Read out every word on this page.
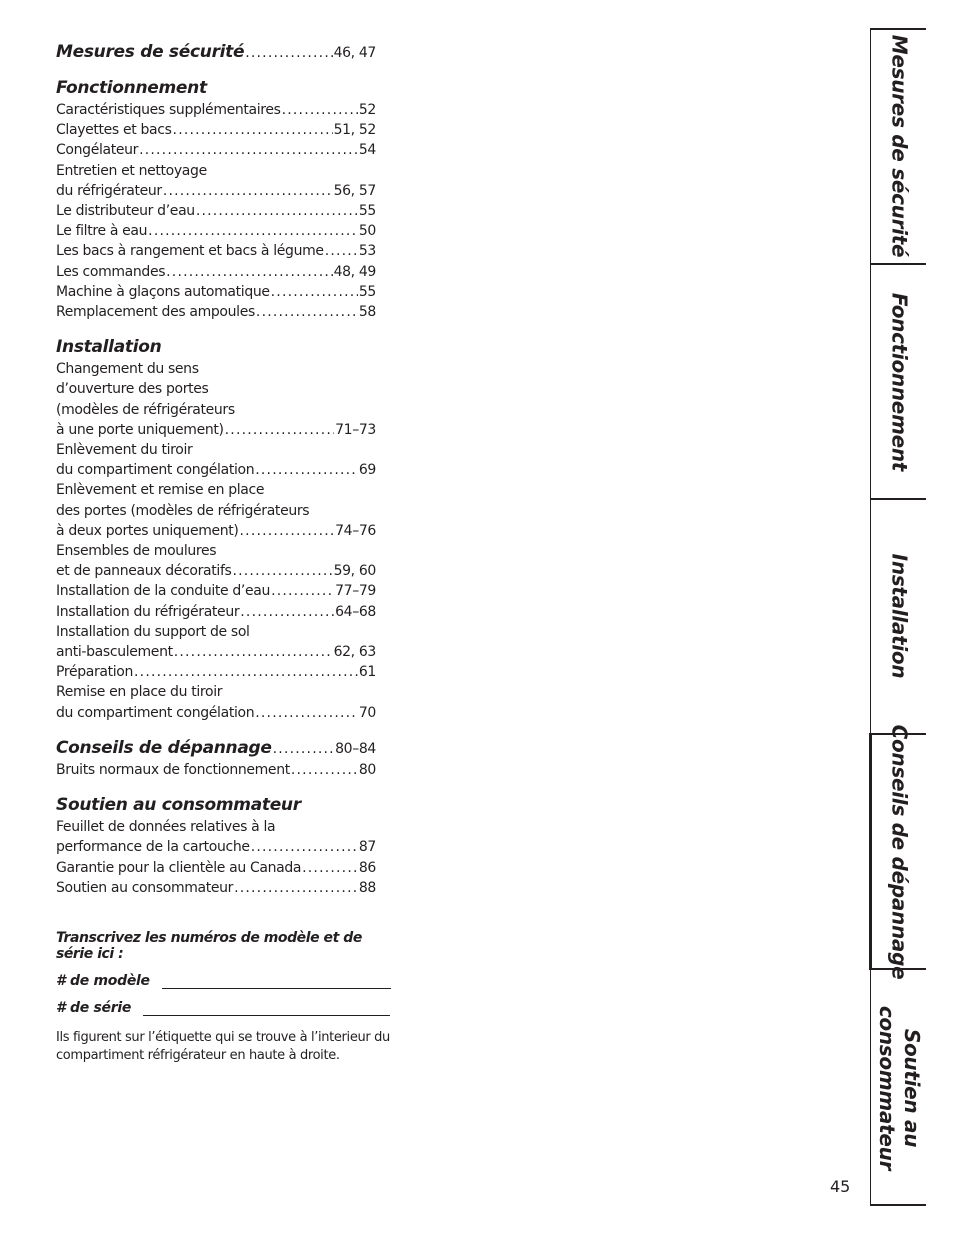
Mesures de sécurité .....	46, 47
Fonctionnement
Caractéristiques supplémentaires .....	52
Clayettes et bacs .....	51, 52
Congélateur .....	54
Entretien et nettoyage
du réfrigérateur .....	56, 57
Le distributeur d’eau .....	55
Le filtre à eau .....	50
Les bacs à rangement et bacs à légume .....	53
Les commandes .....	48, 49
Machine à glaçons automatique .....	55
Remplacement des ampoules .....	58
Installation
Changement du sens
d’ouverture des portes
(modèles de réfrigérateurs
à une porte uniquement) .....	71–73
Enlèvement du tiroir
du compartiment congélation .....	69
Enlèvement et remise en place
des portes (modèles de réfrigérateurs
à deux portes uniquement) .....	74–76
Ensembles de moulures
et de panneaux décoratifs .....	59, 60
Installation de la conduite d’eau .....	77–79
Installation du réfrigérateur .....	64–68
Installation du support de sol
anti-basculement .....	62, 63
Préparation .....	61
Remise en place du tiroir
du compartiment congélation .....	70
Conseils de dépannage .....	80–84
Bruits normaux de fonctionnement .....	80
Soutien au consommateur
Feuillet de données relatives à la
performance de la cartouche .....	87
Garantie pour la clientèle au Canada .....	86
Soutien au consommateur .....	88
Transcrivez les numéros de modèle et de série ici :
# de modèle
# de série
Ils figurent sur l’étiquette qui se trouve à l’interieur du compartiment réfrigérateur en haute à droite.
Mesures de sécurité
Fonctionnement
Installation
Conseils de dépannage
Soutien au
consommateur
45
